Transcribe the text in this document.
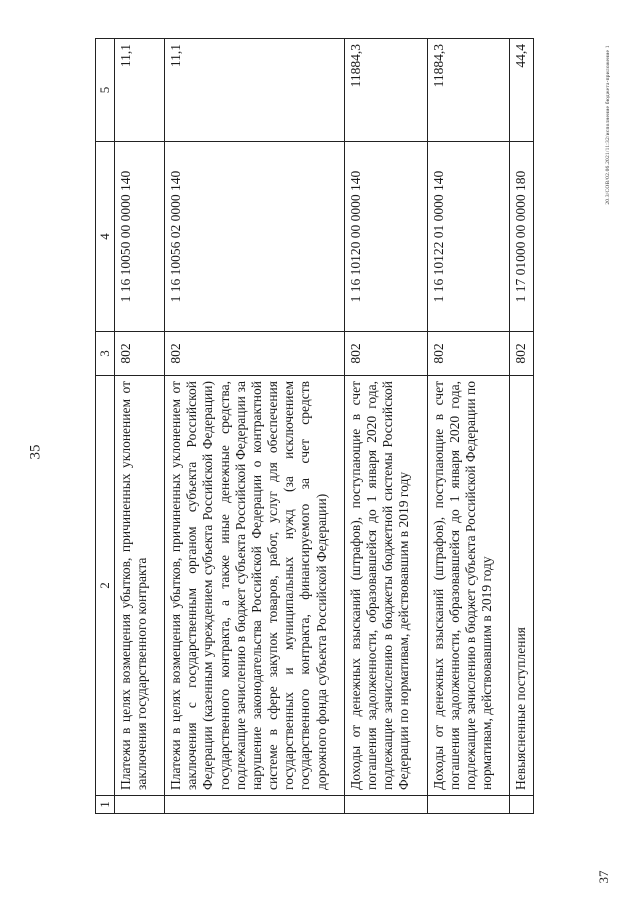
35
1	2	3	4	5
	Платежи в целях возмещения убытков, причиненных уклонением от заключения государственного контракта	802	1 16 10050 00 0000 140	11,1
	Платежи в целях возмещения убытков, причиненных уклонением от заключения с государственным органом субъекта Российской Федерации (казенным учреждением субъекта Российской Федерации) государственного контракта, а также иные денежные средства, подлежащие зачислению в бюджет субъекта Российской Федерации за нарушение законодательства Российской Федерации о контрактной системе в сфере закупок товаров, работ, услуг для обеспечения государственных и муниципальных нужд (за исключением государственного контракта, финансируемого за счет средств дорожного фонда субъекта Российской Федерации)	802	1 16 10056 02 0000 140	11,1
	Доходы от денежных взысканий (штрафов), поступающие в счет погашения задолженности, образовавшейся до 1 января 2020 года, подлежащие зачислению в бюджеты бюджетной системы Российской Федерации по нормативам, действовавшим в 2019 году	802	1 16 10120 00 0000 140	11884,3
	Доходы от денежных взысканий (штрафов), поступающие в счет погашения задолженности, образовавшейся до 1 января 2020 года, подлежащие зачислению в бюджет субъекта Российской Федерации по нормативам, действовавшим в 2019 году	802	1 16 10122 01 0000 140	11884,3
	Невыясненные поступления	802	1 17 01000 00 0000 180	44,4	20.3/СОВ/02.06.2021/11:32/исполнение бюджета-приложение 1
37
